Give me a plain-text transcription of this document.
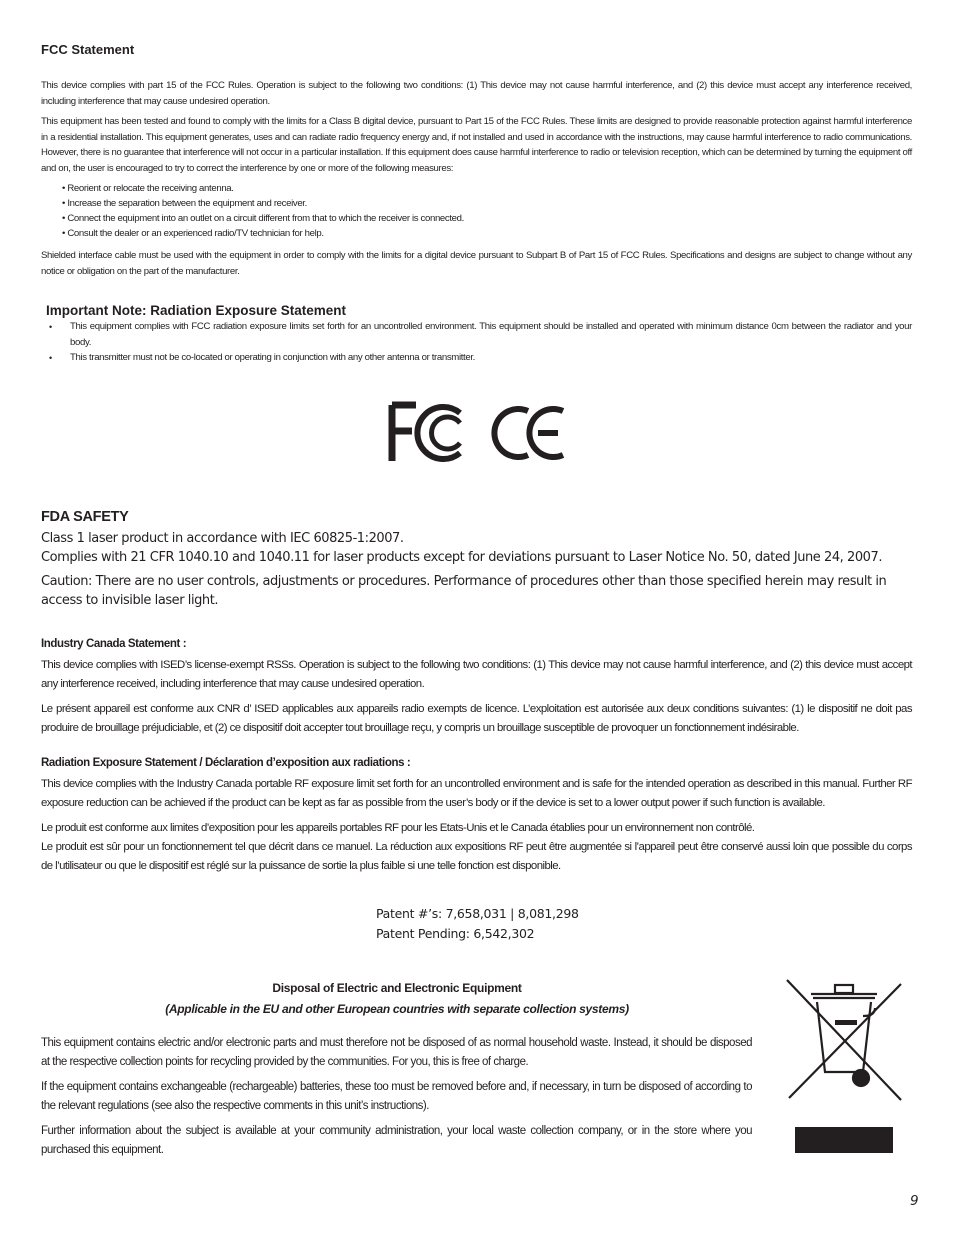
FCC Statement
This device complies with part 15 of the FCC Rules. Operation is subject to the following two conditions: (1) This device may not cause harmful interference, and (2) this device must accept any interference received, including interference that may cause undesired operation.
This equipment has been tested and found to comply with the limits for a Class B digital device, pursuant to Part 15 of the FCC Rules. These limits are designed to provide reasonable protection against harmful interference in a residential installation. This equipment generates, uses and can radiate radio frequency energy and, if not installed and used in accordance with the instructions, may cause harmful interference to radio communications. However, there is no guarantee that interference will not occur in a particular installation. If this equipment does cause harmful interference to radio or television reception, which can be determined by turning the equipment off and on, the user is encouraged to try to correct the interference by one or more of the following measures:
• Reorient or relocate the receiving antenna.
• Increase the separation between the equipment and receiver.
• Connect the equipment into an outlet on a circuit different from that to which the receiver is connected.
• Consult the dealer or an experienced radio/TV technician for help.
Shielded interface cable must be used with the equipment in order to comply with the limits for a digital device pursuant to Subpart B of Part 15 of FCC Rules. Specifications and designs are subject to change without any notice or obligation on the part of the manufacturer.
Important Note: Radiation Exposure Statement
• This equipment complies with FCC radiation exposure limits set forth for an uncontrolled environment. This equipment should be installed and operated with minimum distance 0cm between the radiator and your body.
• This transmitter must not be co-located or operating in conjunction with any other antenna or transmitter.
FDA SAFETY
Class 1 laser product in accordance with IEC 60825-1:2007.
Complies with 21 CFR 1040.10 and 1040.11 for laser products except for deviations pursuant to Laser Notice No. 50, dated June 24, 2007.
Caution: There are no user controls, adjustments or procedures. Performance of procedures other than those specified herein may result in access to invisible laser light.
Industry Canada Statement :
This device complies with ISED’s license-exempt RSSs. Operation is subject to the following two conditions: (1) This device may not cause harmful interference, and (2) this device must accept any interference received, including interference that may cause undesired operation.
Le présent appareil est conforme aux CNR d’ ISED applicables aux appareils radio exempts de licence. L’exploitation est autorisée aux deux conditions suivantes: (1) le dispositif ne doit pas produire de brouillage préjudiciable, et (2) ce dispositif doit accepter tout brouillage reçu, y compris un brouillage susceptible de provoquer un fonctionnement indésirable.
Radiation Exposure Statement / Déclaration d’exposition aux radiations :
This device complies with the Industry Canada portable RF exposure limit set forth for an uncontrolled environment and is safe for the intended operation as described in this manual. Further RF exposure reduction can be achieved if the product can be kept as far as possible from the user’s body or if the device is set to a lower output power if such function is available.
Le produit est conforme aux limites d’exposition pour les appareils portables RF pour les Etats-Unis et le Canada établies pour un environnement non contrôlé.
Le produit est sûr pour un fonctionnement tel que décrit dans ce manuel. La réduction aux expositions RF peut être augmentée si l’appareil peut être conservé aussi loin que possible du corps de l’utilisateur ou que le dispositif est réglé sur la puissance de sortie la plus faible si une telle fonction est disponible.
Patent #’s: 7,658,031 | 8,081,298
Patent Pending: 6,542,302
Disposal of Electric and Electronic Equipment
(Applicable in the EU and other European countries with separate collection systems)
This equipment contains electric and/or electronic parts and must therefore not be disposed of as normal household waste. Instead, it should be disposed at the respective collection points for recycling provided by the communities. For you, this is free of charge.
If the equipment contains exchangeable (rechargeable) batteries, these too must be removed before and, if necessary, in turn be disposed of according to the relevant regulations (see also the respective comments in this unit’s instructions).
Further information about the subject is available at your community administration, your local waste collection company, or in the store where you purchased this equipment.
9
